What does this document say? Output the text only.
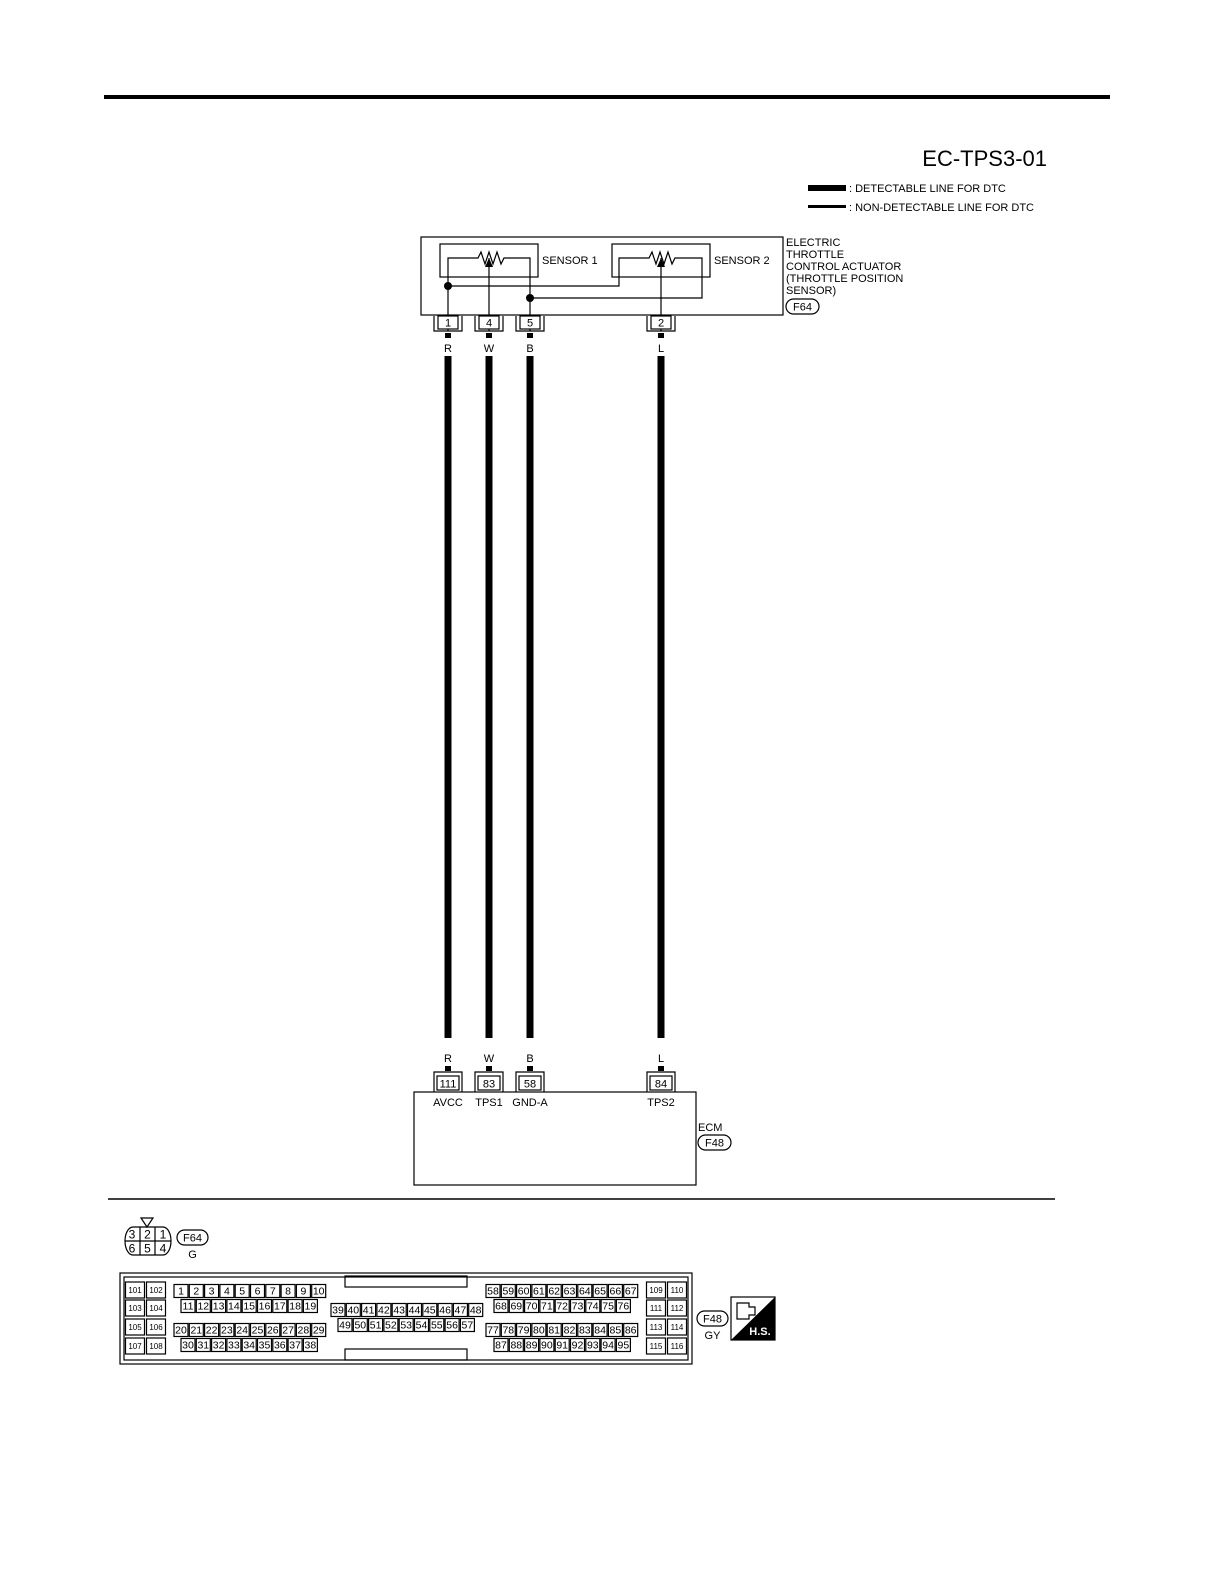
EC-TPS3-01
: DETECTABLE LINE FOR DTC
: NON-DETECTABLE LINE FOR DTC
SENSOR 1	SENSOR 2
ELECTRIC
THROTTLE
CONTROL ACTUATOR
(THROTTLE POSITION
SENSOR)
F64
1
R
R
111
AVCC
4
W
W
83
TPS1
5
B
B
58
GND-A
2
L
L
84
TPS2
ECM
F48
3 2 1
6 5 4
F64
G
101 102
103 104
105 106
107 108
109 110
111 112
113 114
115 116
1 2 3 4 5 6 7 8 9 10
11 12 13 14 15 16 17 18 19
20 21 22 23 24 25 26 27 28 29
30 31 32 33 34 35 36 37 38
39 40 41 42 43 44 45 46 47 48
49 50 51 52 53 54 55 56 57
58 59 60 61 62 63 64 65 66 67
68 69 70 71 72 73 74 75 76
77 78 79 80 81 82 83 84 85 86
87 88 89 90 91 92 93 94 95
F48
GY	H.S.
